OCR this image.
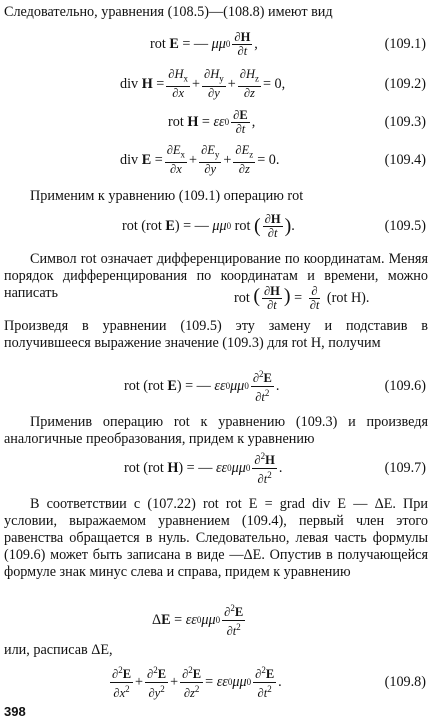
Следовательно, уравнения (108.5)—(108.8) имеют вид
rot E = — μμ $0 \frac{\partial H}{\partial t}$ ,	(109.1)
div $H = \frac{\partial H_x}{\partial x} + \frac{\partial H_y}{\partial y} + \frac{\partial H_z}{\partial z} = 0$,	(109.2)
rot H = εε $0 \frac{\partial E}{\partial t}$ ,	(109.3)
div $E = \frac{\partial E_x}{\partial x} + \frac{\partial E_y}{\partial y} + \frac{\partial E_z}{\partial z} = 0$.	(109.4)
Применим к уравнению (109.1) операцию rot
rot (rot E ) = — μμ 0 rot ( $\frac{\partial H}{\partial t}$ ) .	(109.5)
Символ rot означает дифференцирование по координатам. Меняя порядок дифференцирования по координатам и времени, можно написать	rot ( $\frac{\partial H}{\partial t}$ ) = $\frac{\partial}{\partial t} (rot$ H).
Произведя в уравнении (109.5) эту замену и подставив в получившееся выражение значение (109.3) для rot H, получим
rot (rot E ) = — εε 0 μμ $0 \frac{\partial^2E}{\partial t^2}$ .	(109.6)
Применив операцию rot к уравнению (109.3) и произведя аналогичные преобразования, придем к уравнению
rot (rot H ) = — εε 0 μμ $0 \frac{\partial^2H}{\partial t^2}$ .	(109.7)
В соответствии с (107.22) rot rot E = grad div E — ΔE. При условии, выражаемом уравнением (109.4), первый член этого равенства обращается в нуль. Следовательно, левая часть формулы (109.6) может быть записана в виде —ΔE. Опустив в получающейся формуле знак минус слева и справа, придем к уравнению
Δ E = εε 0 μμ $0 \frac{\partial^2E}{\partial t^2}$
или, расписав ΔE,
$\frac{\partial^2E}{\partial x^2} + \frac{\partial^2E}{\partial y^2} + \frac{\partial^2E}{\partial z^2} = \varepsilon\varepsilon$ 0 μμ $0 \frac{\partial^2E}{\partial t^2}$ .	(109.8)
398
